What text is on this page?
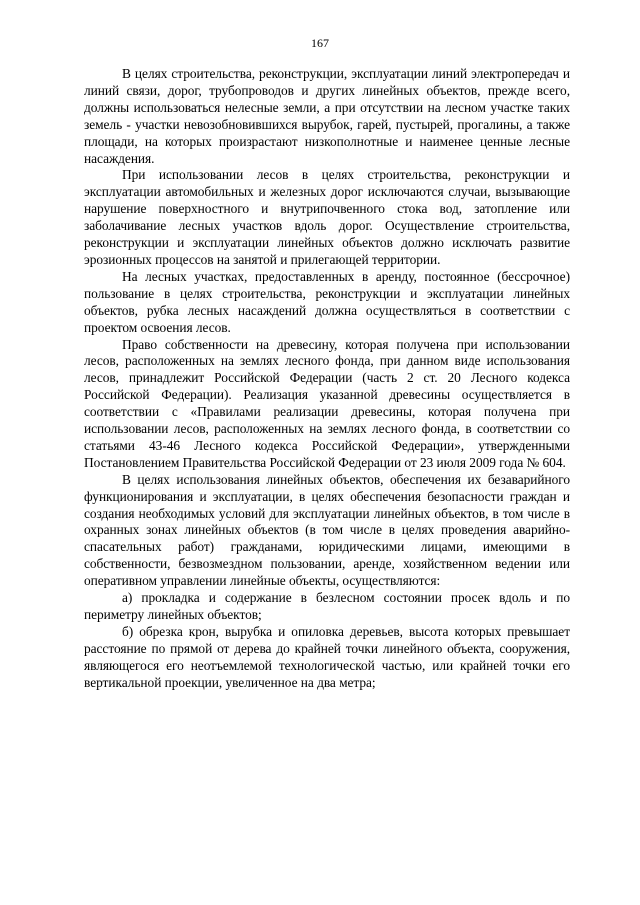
167

В целях строительства, реконструкции, эксплуатации линий электропередач и линий связи, дорог, трубопроводов и других линейных объектов, прежде всего, должны использоваться нелесные земли, а при отсутствии на лесном участке таких земель - участки невозобновившихся вырубок, гарей, пустырей, прогалины, а также площади, на которых произрастают низкополнотные и наименее ценные лесные насаждения.

При использовании лесов в целях строительства, реконструкции и эксплуатации автомобильных и железных дорог исключаются случаи, вызывающие нарушение поверхностного и внутрипочвенного стока вод, затопление или заболачивание лесных участков вдоль дорог. Осуществление строительства, реконструкции и эксплуатации линейных объектов должно исключать развитие эрозионных процессов на занятой и прилегающей территории.

На лесных участках, предоставленных в аренду, постоянное (бессрочное) пользование в целях строительства, реконструкции и эксплуатации линейных объектов, рубка лесных насаждений должна осуществляться в соответствии с проектом освоения лесов.

Право собственности на древесину, которая получена при использовании лесов, расположенных на землях лесного фонда, при данном виде использования лесов, принадлежит Российской Федерации (часть 2 ст. 20 Лесного кодекса Российской Федерации). Реализация указанной древесины осуществляется в соответствии с «Правилами реализации древесины, которая получена при использовании лесов, расположенных на землях лесного фонда, в соответствии со статьями 43-46 Лесного кодекса Российской Федерации», утвержденными Постановлением Правительства Российской Федерации от 23 июля 2009 года № 604.

В целях использования линейных объектов, обеспечения их безаварийного функционирования и эксплуатации, в целях обеспечения безопасности граждан и создания необходимых условий для эксплуатации линейных объектов, в том числе в охранных зонах линейных объектов (в том числе в целях проведения аварийно-спасательных работ) гражданами, юридическими лицами, имеющими в собственности, безвозмездном пользовании, аренде, хозяйственном ведении или оперативном управлении линейные объекты, осуществляются:

а) прокладка и содержание в безлесном состоянии просек вдоль и по периметру линейных объектов;

б) обрезка крон, вырубка и опиловка деревьев, высота которых превышает расстояние по прямой от дерева до крайней точки линейного объекта, сооружения, являющегося его неотъемлемой технологической частью, или крайней точки его вертикальной проекции, увеличенное на два метра;
